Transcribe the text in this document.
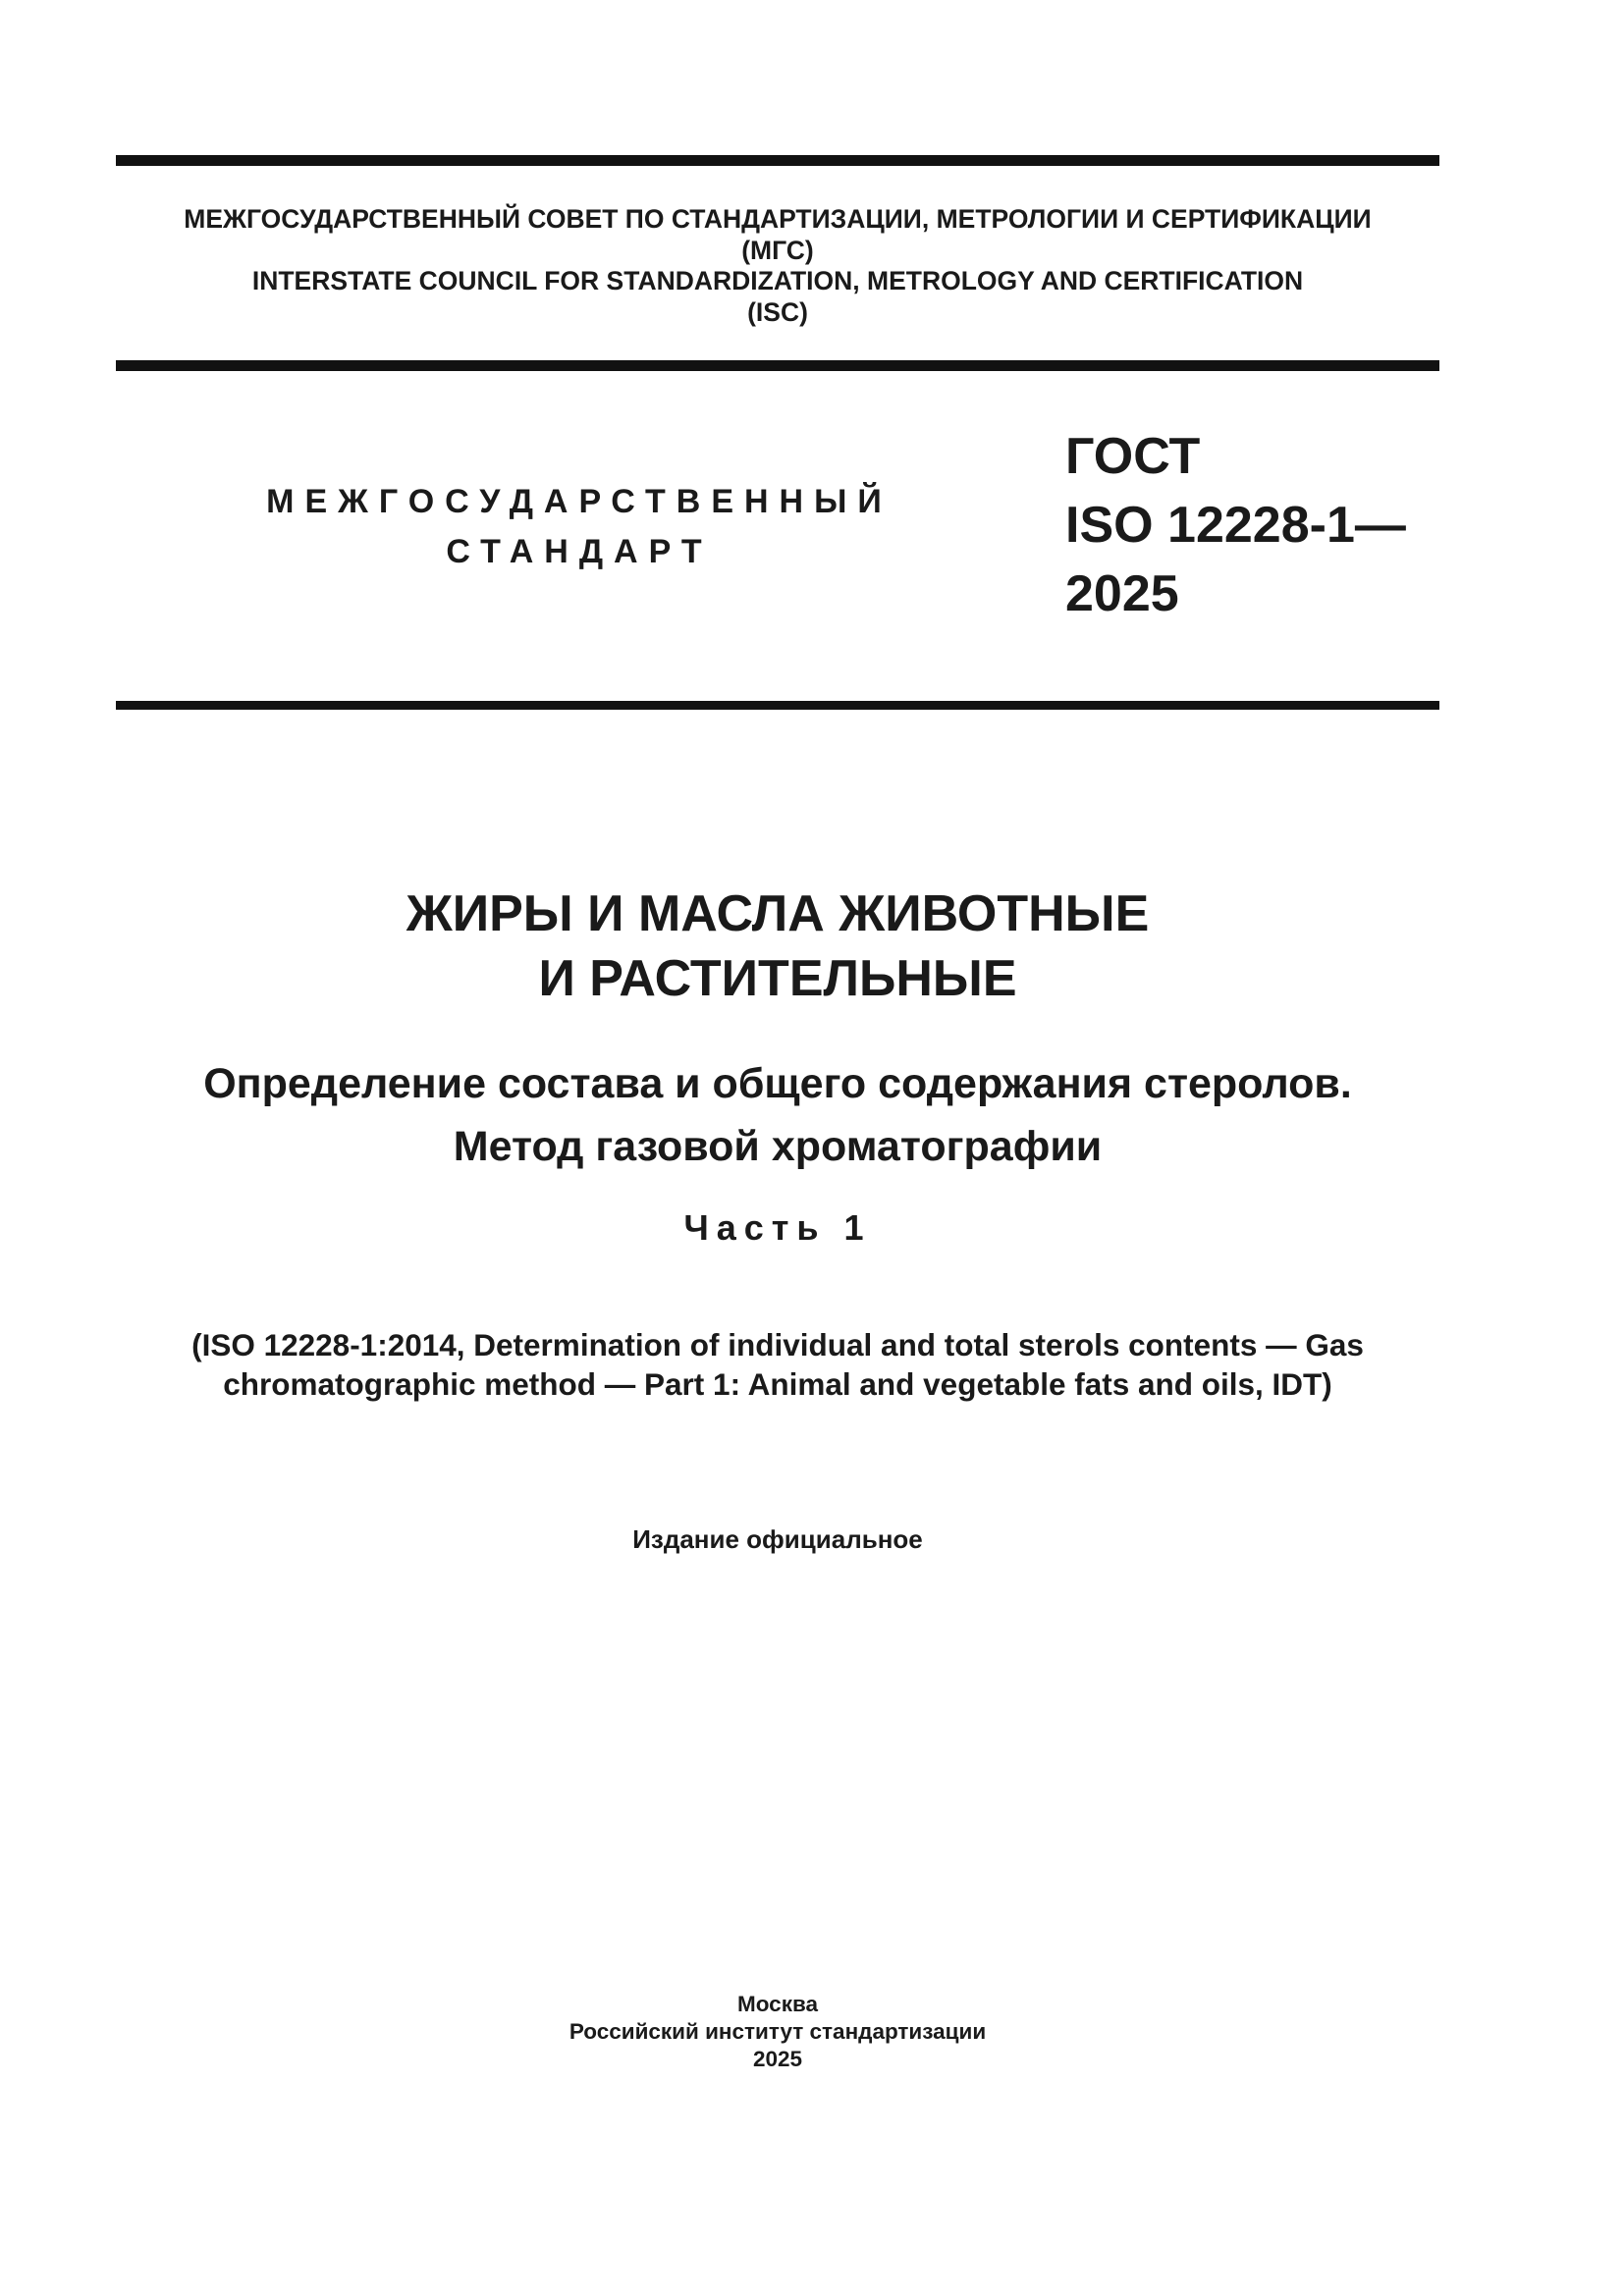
МЕЖГОСУДАРСТВЕННЫЙ СОВЕТ ПО СТАНДАРТИЗАЦИИ, МЕТРОЛОГИИ И СЕРТИФИКАЦИИ
(МГС)
INTERSTATE COUNCIL FOR STANDARDIZATION, METROLOGY AND CERTIFICATION
(ISC)
МЕЖГОСУДАРСТВЕННЫЙ
СТАНДАРТ
ГОСТ
ISO 12228-1—
2025
ЖИРЫ И МАСЛА ЖИВОТНЫЕ
И РАСТИТЕЛЬНЫЕ
Определение состава и общего содержания стеролов.
Метод газовой хроматографии
Часть 1
(ISO 12228-1:2014, Determination of individual and total sterols contents — Gas
chromatographic method — Part 1: Animal and vegetable fats and oils, IDT)
Издание официальное
Москва
Российский институт стандартизации
2025
